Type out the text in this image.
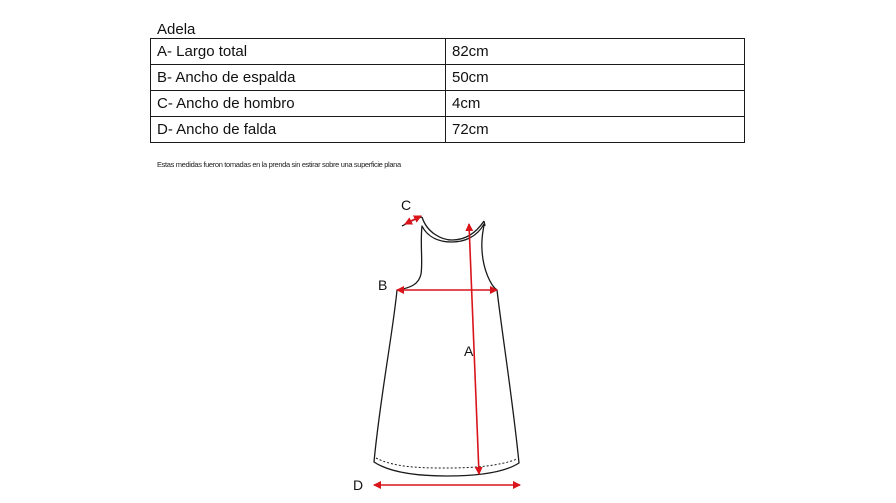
Adela
A- Largo total	82cm
B- Ancho de espalda	50cm
C- Ancho de hombro	4cm
D- Ancho de falda	72cm
Estas medidas fueron tomadas en la prenda sin estirar sobre una superficie plana
C
B
A
D
